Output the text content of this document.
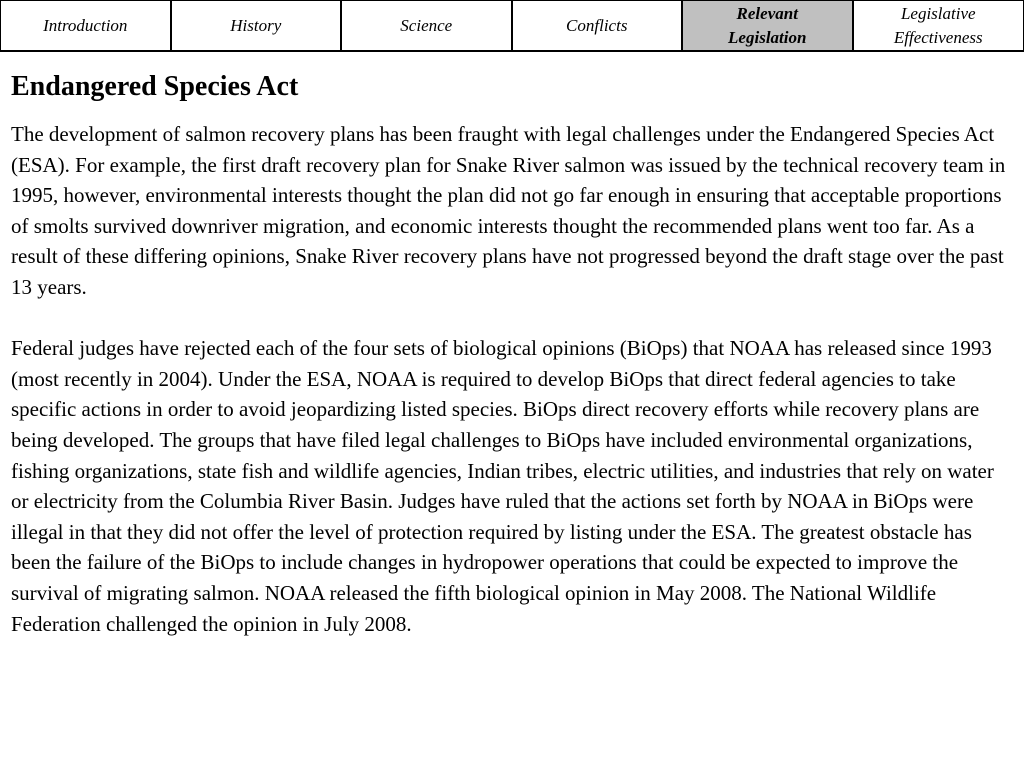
Introduction	History	Science	Conflicts
Relevant
Legislation
Legislative
Effectiveness
Endangered Species Act

The development of salmon recovery plans has been fraught with legal challenges under the Endangered Species Act (ESA). For example, the first draft recovery plan for Snake River salmon was issued by the technical recovery team in 1995, however, environmental interests thought the plan did not go far enough in ensuring that acceptable proportions of smolts survived downriver migration, and economic interests thought the recommended plans went too far. As a result of these differing opinions, Snake River recovery plans have not progressed beyond the draft stage over the past 13 years.

Federal judges have rejected each of the four sets of biological opinions (BiOps) that NOAA has released since 1993 (most recently in 2004). Under the ESA, NOAA is required to develop BiOps that direct federal agencies to take specific actions in order to avoid jeopardizing listed species. BiOps direct recovery efforts while recovery plans are being developed. The groups that have filed legal challenges to BiOps have included environmental organizations, fishing organizations, state fish and wildlife agencies, Indian tribes, electric utilities, and industries that rely on water or electricity from the Columbia River Basin. Judges have ruled that the actions set forth by NOAA in BiOps were illegal in that they did not offer the level of protection required by listing under the ESA. The greatest obstacle has been the failure of the BiOps to include changes in hydropower operations that could be expected to improve the survival of migrating salmon. NOAA released the fifth biological opinion in May 2008. The National Wildlife Federation challenged the opinion in July 2008.
